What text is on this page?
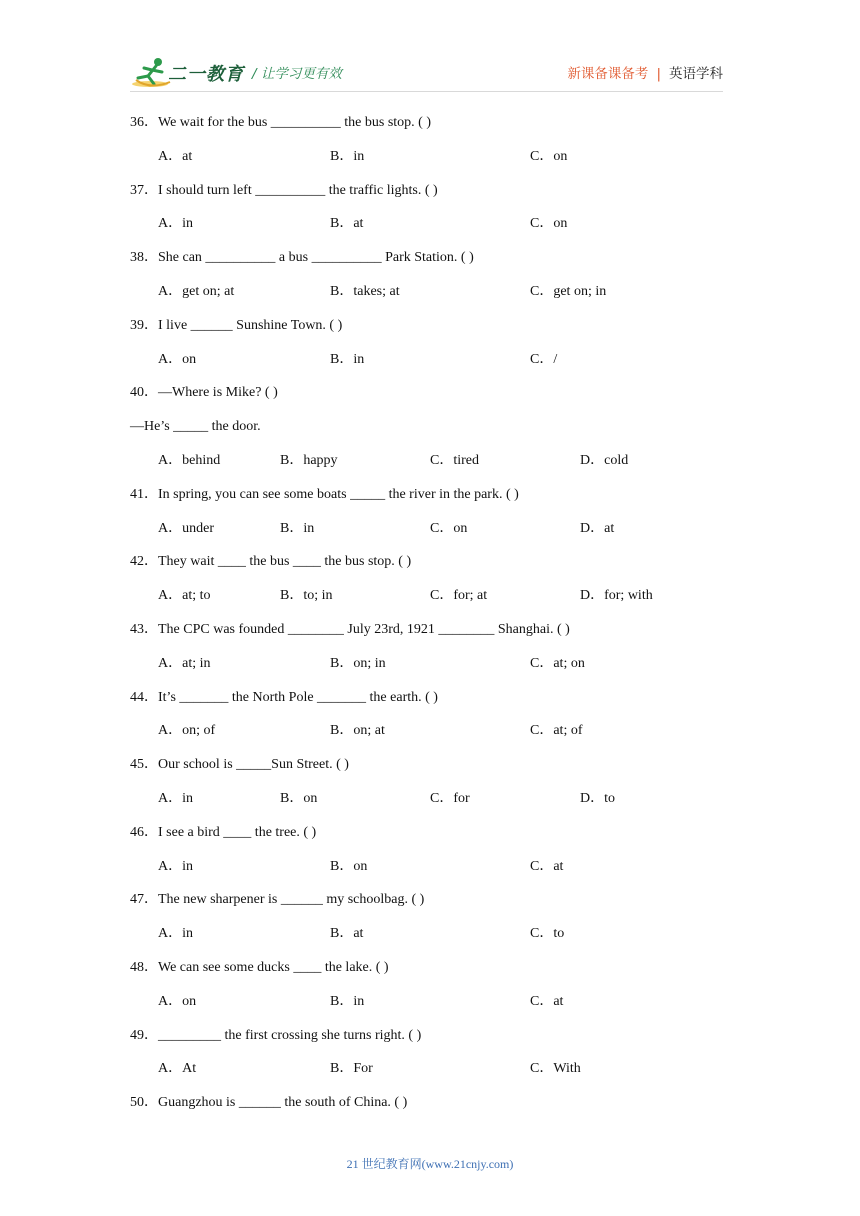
二一教育 / 让学习更有效	新课备课备考 | 英语学科
36．We wait for the bus __________ the bus stop. ( )
A．at	B．in	C．on
37．I should turn left __________ the traffic lights. ( )
A．in	B．at	C．on
38．She can __________ a bus __________ Park Station. ( )
A．get on; at	B．takes; at	C．get on; in
39．I live ______ Sunshine Town. ( )
A．on	B．in	C．/
40．—Where is Mike? ( )
—He’s _____ the door.
A．behind	B．happy	C．tired	D．cold
41．In spring, you can see some boats _____ the river in the park. ( )
A．under	B．in	C．on	D．at
42．They wait ____ the bus ____ the bus stop. ( )
A．at; to	B．to; in	C．for; at	D．for; with
43．The CPC was founded ________ July 23rd, 1921 ________ Shanghai. ( )
A．at; in	B．on; in	C．at; on
44．It’s _______ the North Pole _______ the earth. ( )
A．on; of	B．on; at	C．at; of
45．Our school is _____Sun Street. ( )
A．in	B．on	C．for	D．to
46．I see a bird ____ the tree. ( )
A．in	B．on	C．at
47．The new sharpener is ______ my schoolbag. ( )
A．in	B．at	C．to
48．We can see some ducks ____ the lake. ( )
A．on	B．in	C．at
49．_________ the first crossing she turns right. ( )
A．At	B．For	C．With
50．Guangzhou is ______ the south of China. ( )
21 世纪教育网(www.21cnjy.com)
